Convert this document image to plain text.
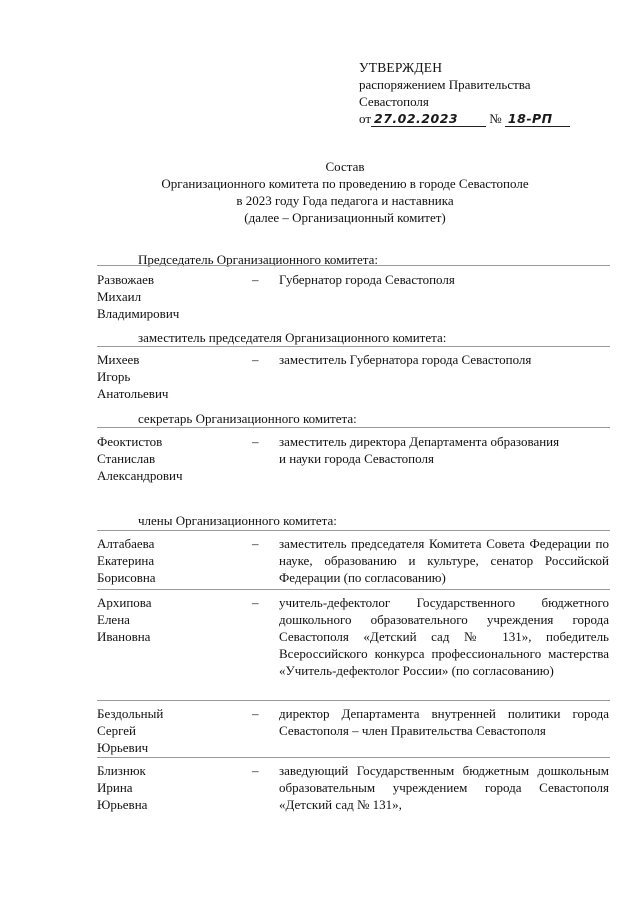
УТВЕРЖДЕН
распоряжением Правительства
Севастополя
от 27.02.2023 № 18-РП
Состав
Организационного комитета по проведению в городе Севастополе
в 2023 году Года педагога и наставника
(далее – Организационный комитет)
Председатель Организационного комитета:
заместитель председателя Организационного комитета:
секретарь Организационного комитета:
члены Организационного комитета:
Развожаев
Михаил
Владимирович
–	Губернатор города Севастополя
Михеев
Игорь
Анатольевич
–	заместитель Губернатора города Севастополя
Феоктистов
Станислав
Александрович
–	заместитель директора Департамента образования
и науки города Севастополя
Алтабаева
Екатерина
Борисовна
–	заместитель председателя Комитета Совета Федерации по науке, образованию и культуре, сенатор Российской Федерации (по согласованию)
Архипова
Елена
Ивановна
–	учитель-дефектолог Государственного бюджетного дошкольного образовательного учреждения города Севастополя «Детский сад № 131», победитель Всероссийского конкурса профессионального мастерства «Учитель-дефектолог России» (по согласованию)
Бездольный
Сергей
Юрьевич
–	директор Департамента внутренней политики города Севастополя – член Правительства Севастополя
Близнюк
Ирина
Юрьевна
–	заведующий Государственным бюджетным дошкольным образовательным учреждением города Севастополя «Детский сад № 131»,
